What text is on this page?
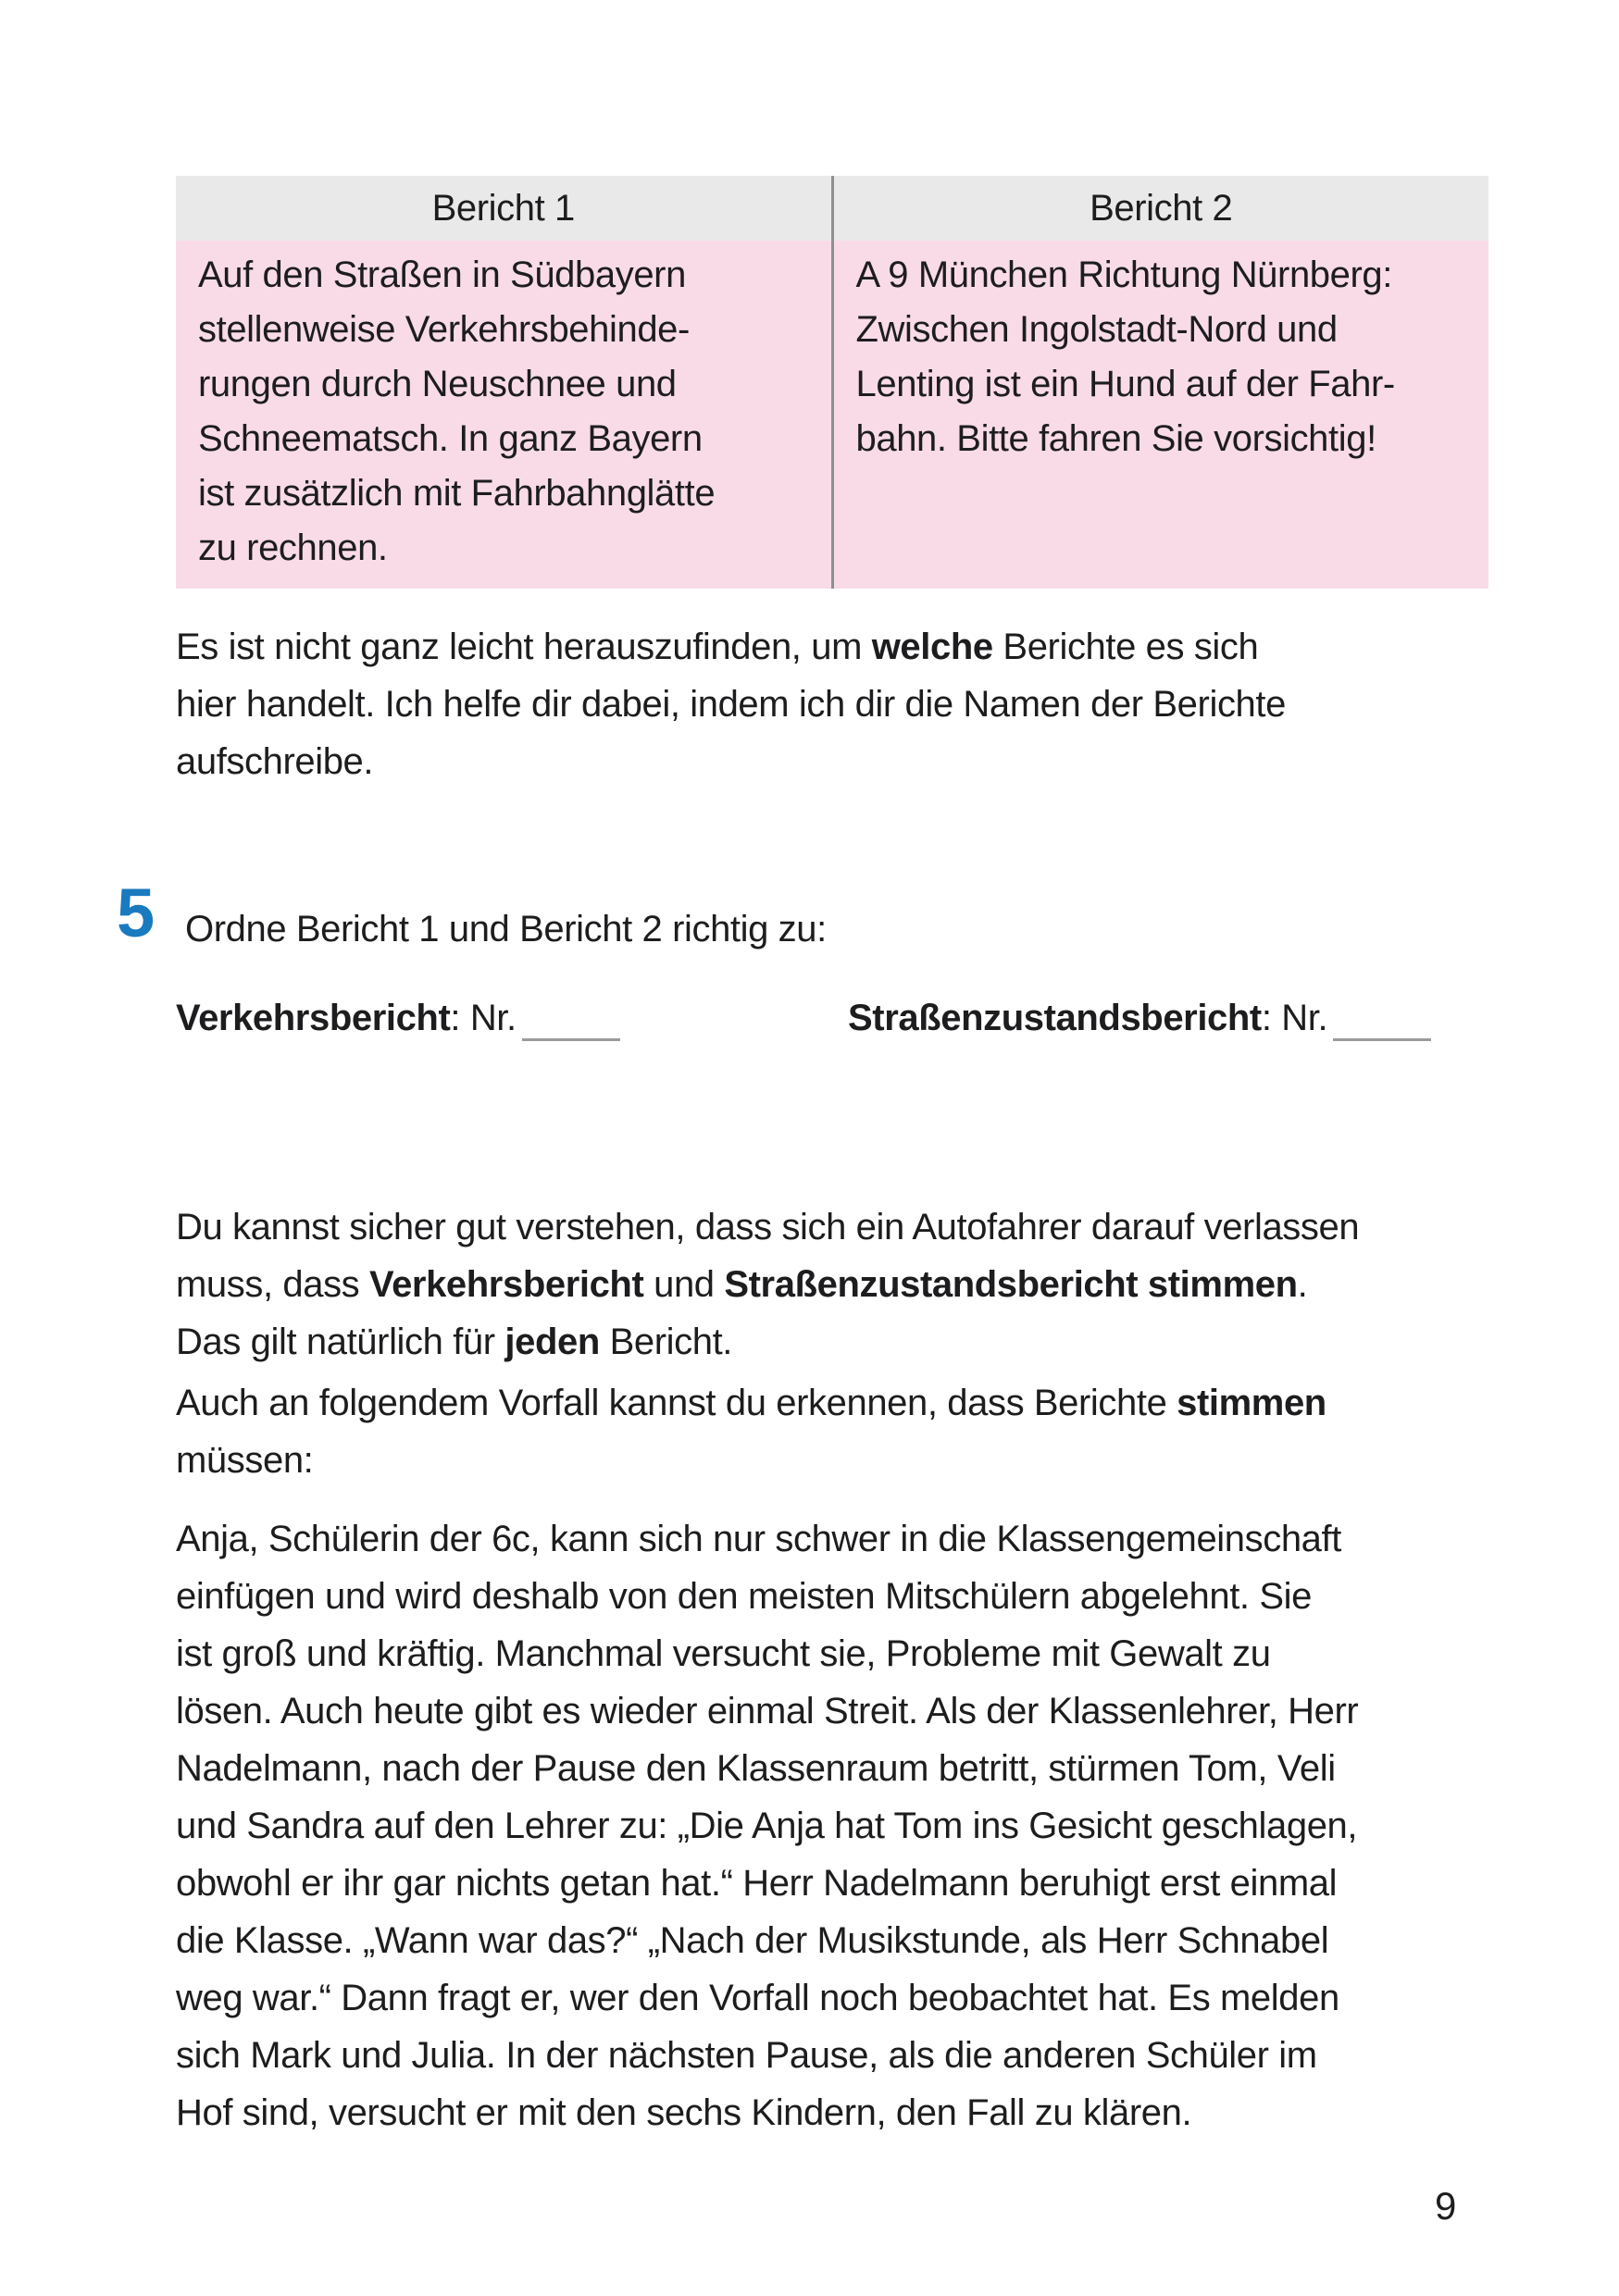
Bericht 1
Auf den Straßen in Südbayern
stellenweise Verkehrsbehinde-
rungen durch Neuschnee und
Schneematsch. In ganz Bayern
ist zusätzlich mit Fahrbahnglätte
zu rechnen.
Bericht 2
A 9 München Richtung Nürnberg:
Zwischen Ingolstadt-Nord und
Lenting ist ein Hund auf der Fahr-
bahn. Bitte fahren Sie vorsichtig!

Es ist nicht ganz leicht herauszufinden, um welche Berichte es sich
hier handelt. Ich helfe dir dabei, indem ich dir die Namen der Berichte
aufschreibe.

5 Ordne Bericht 1 und Bericht 2 richtig zu:
Verkehrsbericht: Nr.	Straßenzustandsbericht: Nr.

Du kannst sicher gut verstehen, dass sich ein Autofahrer darauf verlassen
muss, dass Verkehrsbericht und Straßenzustandsbericht stimmen.
Das gilt natürlich für jeden Bericht.

Auch an folgendem Vorfall kannst du erkennen, dass Berichte stimmen
müssen:

Anja, Schülerin der 6c, kann sich nur schwer in die Klassengemeinschaft
einfügen und wird deshalb von den meisten Mitschülern abgelehnt. Sie
ist groß und kräftig. Manchmal versucht sie, Probleme mit Gewalt zu
lösen. Auch heute gibt es wieder einmal Streit. Als der Klassenlehrer, Herr
Nadelmann, nach der Pause den Klassenraum betritt, stürmen Tom, Veli
und Sandra auf den Lehrer zu: „Die Anja hat Tom ins Gesicht geschlagen,
obwohl er ihr gar nichts getan hat.“ Herr Nadelmann beruhigt erst einmal
die Klasse. „Wann war das?“ „Nach der Musikstunde, als Herr Schnabel
weg war.“ Dann fragt er, wer den Vorfall noch beobachtet hat. Es melden
sich Mark und Julia. In der nächsten Pause, als die anderen Schüler im
Hof sind, versucht er mit den sechs Kindern, den Fall zu klären.

9
